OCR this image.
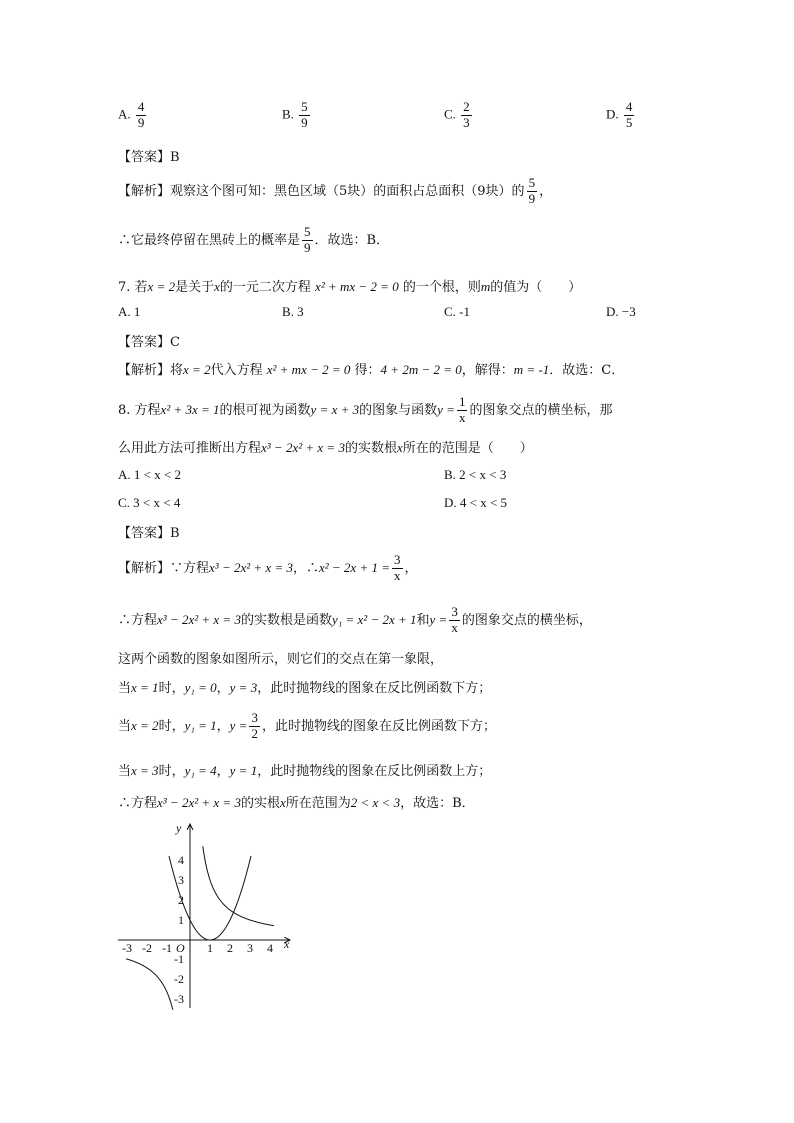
A. $\frac{4}{9}$	B. $\frac{5}{9}$	C. $\frac{2}{3}$	D. $\frac{4}{5}$
【答案】B
【解析】观察这个图可知：黑色区域（5块）的面积占总面积（9块）的 $\frac{5}{9}$ ，
∴它最终停留在黑砖上的概率是 $\frac{5}{9}$ ．故选：B．
7. 若x = 2是关于x的一元二次方程 x² + mx − 2 = 0 的一个根，则m的值为（　　）
A. 1	B. 3	C. -1	D. −3
【答案】C
【解析】将x = 2代入方程 x² + mx − 2 = 0 得：4 + 2m − 2 = 0，解得：m = -1．故选：C．
8. 方程x² + 3x = 1的根可视为函数y = x + 3的图象与函数$y = \frac{1}{x}$ 的图象交点的横坐标，那
么用此方法可推断出方程x³ − 2x² + x = 3的实数根x所在的范围是（　　）
A. 1 < x < 2	B. 2 < x < 3
C. 3 < x < 4	D. 4 < x < 5
【答案】B
【解析】∵方程x³ − 2x² + x = 3，∴x² − $2x + 1 = \frac{3}{x}$ ，
∴方程x³ − 2x² + x = 3的实数根是函数y₁ = x² − 2x + 1和$y = \frac{3}{x}$ 的图象交点的横坐标，
这两个函数的图象如图所示，则它们的交点在第一象限，
当x = 1时，y₁ = 0，y = 3，此时抛物线的图象在反比例函数下方；
当x = 2时，y₁ = 1，$y = \frac{3}{2}$ ，此时抛物线的图象在反比例函数下方；
当x = 3时，y₁ = 4，y = 1，此时抛物线的图象在反比例函数上方；
∴方程x³ − 2x² + x = 3的实根x所在范围为2 < x < 3，故选：B．
-3 -2 -1 O 1 2 3 4 x
y
4
3
2
1
-1
-2
-3
